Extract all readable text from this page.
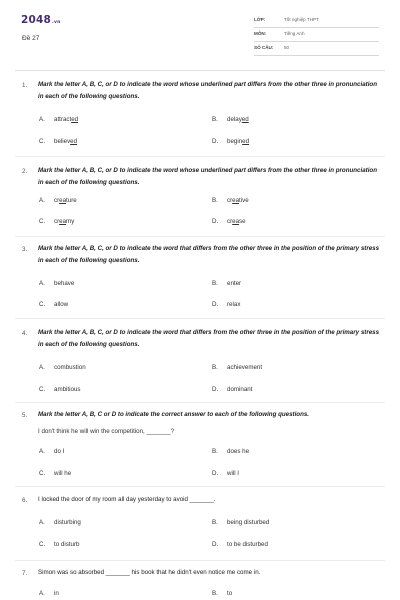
2048.vn
Đề 27
LỚP:	Tốt nghiệp THPT
MÔN:	Tiếng Anh
SỐ CÂU: 50
1. Mark the letter A, B, C, or D to indicate the word whose underlined part differs from the other three in pronunciation in each of the following questions.
A. attracted	B. delayed
C. believed	D. begined
2. Mark the letter A, B, C, or D to indicate the word whose underlined part differs from the other three in pronunciation in each of the following questions.
A. creature	B. creative
C. creamy	D. crease
3. Mark the letter A, B, C, or D to indicate the word that differs from the other three in the position of the primary stress in each of the following questions.
A. behave	B. enter
C. allow	D. relax
4. Mark the letter A, B, C, or D to indicate the word that differs from the other three in the position of the primary stress in each of the following questions.
A. combustion	B. achievement
C. ambitious	D. dominant
5. Mark the letter A, B, C or D to indicate the correct answer to each of the following questions.
I don't think he will win the competition, _______?
A. do I	B. does he
C. will he	D. will I
6. I locked the door of my room all day yesterday to avoid _______.
A. disturbing	B. being disturbed
C. to disturb	D. to be disturbed
7. Simon was so absorbed _______ his book that he didn't even notice me come in.
A. in	B. to
